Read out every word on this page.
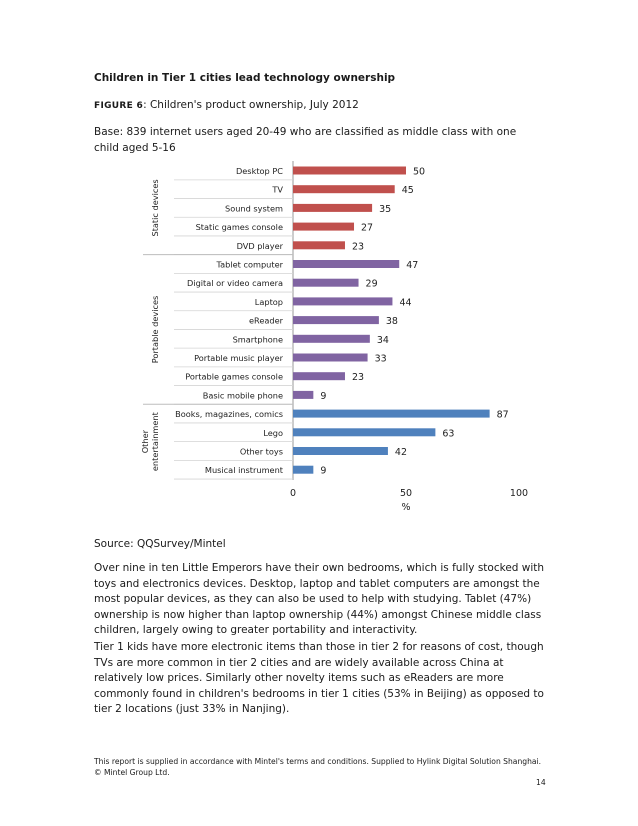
Children in Tier 1 cities lead technology ownership
FIGURE 6: Children's product ownership, July 2012
Base: 839 internet users aged 20-49 who are classified as middle class with one child aged 5-16
Desktop PC	50
TV	45
Sound system	35
Static games console	27
DVD player	23
Static devices
Tablet computer	47
Digital or video camera	29
Laptop	44
eReader	38
Smartphone	34
Portable music player	33
Portable games console	23
Basic mobile phone	9
Portable devices
Books, magazines, comics	87
Lego	63
Other toys	42
Musical instrument	9
Otherentertainment
0	50	100
%
Source: QQSurvey/Mintel

Over nine in ten Little Emperors have their own bedrooms, which is fully stocked with toys and electronics devices. Desktop, laptop and tablet computers are amongst the most popular devices, as they can also be used to help with studying. Tablet (47%) ownership is now higher than laptop ownership (44%) amongst Chinese middle class children, largely owing to greater portability and interactivity.

Tier 1 kids have more electronic items than those in tier 2 for reasons of cost, though TVs are more common in tier 2 cities and are widely available across China at relatively low prices. Similarly other novelty items such as eReaders are more commonly found in children's bedrooms in tier 1 cities (53% in Beijing) as opposed to tier 2 locations (just 33% in Nanjing).

This report is supplied in accordance with Mintel's terms and conditions. Supplied to Hylink Digital Solution Shanghai.
© Mintel Group Ltd.
14
